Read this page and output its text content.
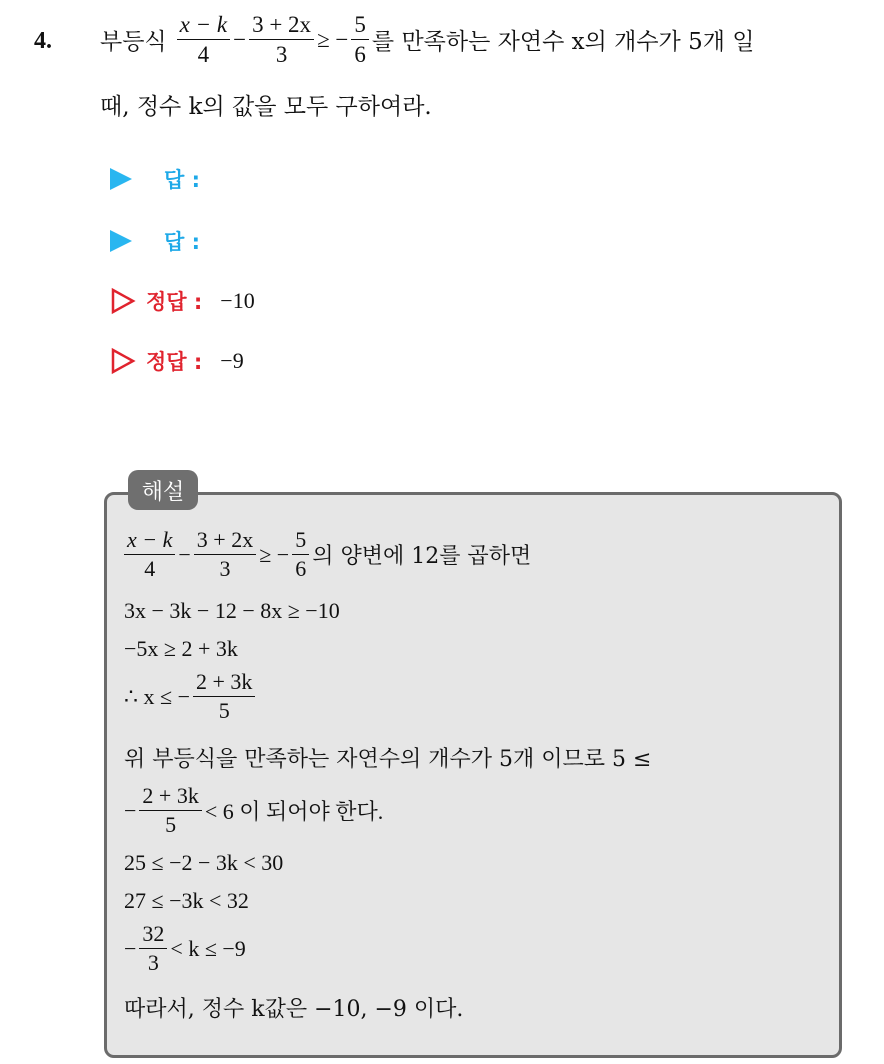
4. 부등식 $\frac{x - k}{4} - \frac{3 + 2x}{3}$ ≥ − $\frac{5}{6}$ 를 만족하는 자연수 x의 개수가 5개 일
때, 정수 k의 값을 모두 구하여라.
답 :
답 :
정답 : −10
정답 : −9
해설
$\frac{x - k}{4} - \frac{3 + 2x}{3}$ ≥ − $\frac{5}{6}$ 의 양변에 12를 곱하면
3x − 3k − 12 − 8x ≥ −10
−5x ≥ 2 + 3k
∴ x ≤ − $\frac{2 + 3k}{5}$
위 부등식을 만족하는 자연수의 개수가 5개 이므로 5 ≤
− $\frac{2 + 3k}{5} < 6$ 이 되어야 한다.
25 ≤ −2 − 3k < 30
27 ≤ −3k < 32
− $\frac{32}{3} < k \le -9$
따라서, 정수 k값은 −10, −9 이다.
